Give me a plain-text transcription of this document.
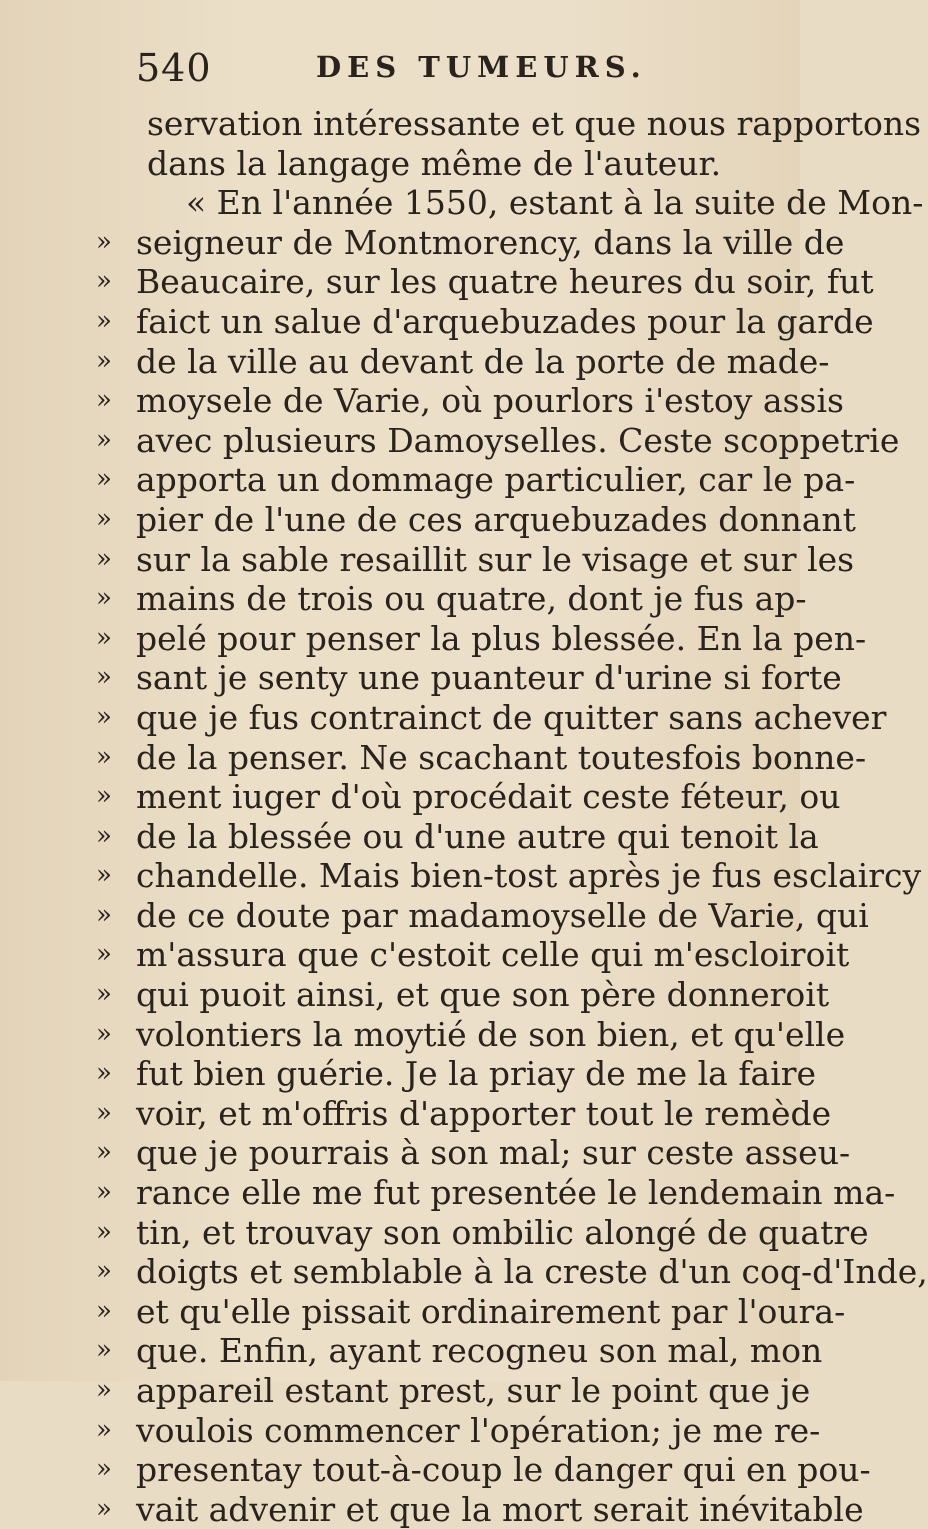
540	DES TUMEURS.
servation intéressante et que nous rapportons
dans la langage même de l'auteur.
« En l'année 1550, estant à la suite de Mon-
» seigneur de Montmorency, dans la ville de
» Beaucaire, sur les quatre heures du soir, fut
» faict un salue d'arquebuzades pour la garde
» de la ville au devant de la porte de made-
» moysele de Varie, où pourlors i'estoy assis
» avec plusieurs Damoyselles. Ceste scoppetrie
» apporta un dommage particulier, car le pa-
» pier de l'une de ces arquebuzades donnant
» sur la sable resaillit sur le visage et sur les
» mains de trois ou quatre, dont je fus ap-
» pelé pour penser la plus blessée. En la pen-
» sant je senty une puanteur d'urine si forte
» que je fus contrainct de quitter sans achever
» de la penser. Ne scachant toutesfois bonne-
» ment iuger d'où procédait ceste féteur, ou
» de la blessée ou d'une autre qui tenoit la
» chandelle. Mais bien-tost après je fus esclaircy
» de ce doute par madamoyselle de Varie, qui
» m'assura que c'estoit celle qui m'escloiroit
» qui puoit ainsi, et que son père donneroit
» volontiers la moytié de son bien, et qu'elle
» fut bien guérie. Je la priay de me la faire
» voir, et m'offris d'apporter tout le remède
» que je pourrais à son mal; sur ceste asseu-
» rance elle me fut presentée le lendemain ma-
» tin, et trouvay son ombilic alongé de quatre
» doigts et semblable à la creste d'un coq-d'Inde,
» et qu'elle pissait ordinairement par l'oura-
» que. Enfin, ayant recogneu son mal, mon
» appareil estant prest, sur le point que je
» voulois commencer l'opération; je me re-
» presentay tout-à-coup le danger qui en pou-
» vait advenir et que la mort serait inévitable
